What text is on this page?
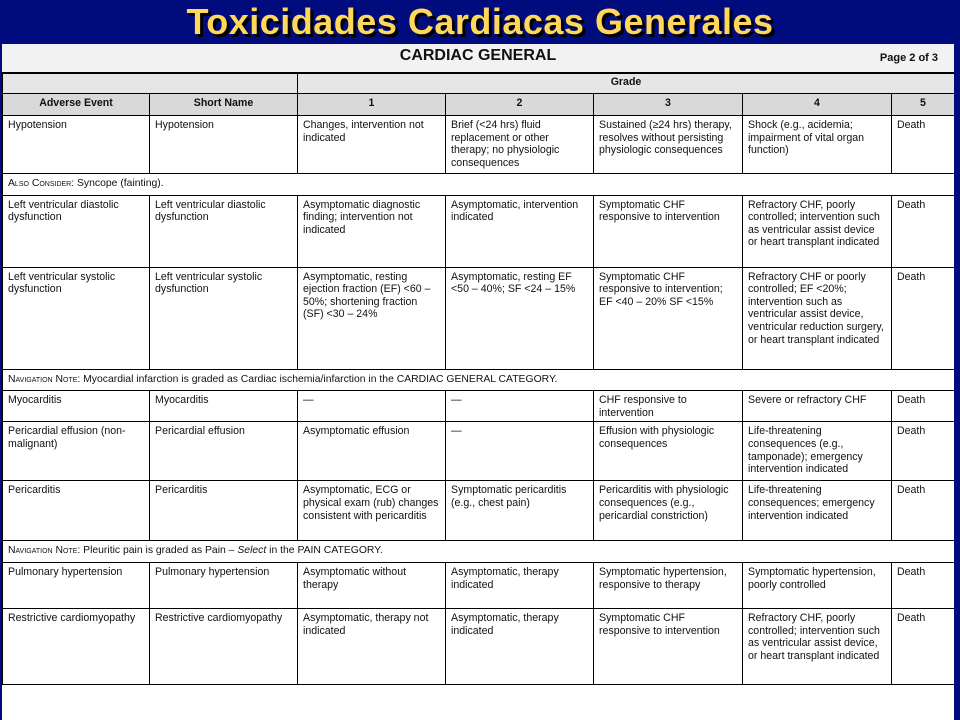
Toxicidades Cardiacas Generales
CARDIAC GENERAL	Page 2 of 3
		Grade				
Adverse Event	Short Name	1	2	3	4	5
Hypotension	Hypotension	Changes, intervention not indicated	Brief (<24 hrs) fluid replacement or other therapy; no physiologic consequences	Sustained (≥24 hrs) therapy, resolves without persisting physiologic consequences	Shock (e.g., acidemia; impairment of vital organ function)	Death
Also Consider: Syncope (fainting).						
Left ventricular diastolic dysfunction	Left ventricular diastolic dysfunction	Asymptomatic diagnostic finding; intervention not indicated	Asymptomatic, intervention indicated	Symptomatic CHF responsive to intervention	Refractory CHF, poorly controlled; intervention such as ventricular assist device or heart transplant indicated	Death
Left ventricular systolic dysfunction	Left ventricular systolic dysfunction	Asymptomatic, resting ejection fraction (EF) <60 – 50%; shortening fraction (SF) <30 – 24%	Asymptomatic, resting EF <50 – 40%; SF <24 – 15%	Symptomatic CHF responsive to intervention; EF <40 – 20% SF <15%	Refractory CHF or poorly controlled; EF <20%; intervention such as ventricular assist device, ventricular reduction surgery, or heart transplant indicated	Death
Navigation Note: Myocardial infarction is graded as Cardiac ischemia/infarction in the CARDIAC GENERAL CATEGORY.						
Myocarditis	Myocarditis	—	—	CHF responsive to intervention	Severe or refractory CHF	Death
Pericardial effusion (non-malignant)	Pericardial effusion	Asymptomatic effusion	—	Effusion with physiologic consequences	Life-threatening consequences (e.g., tamponade); emergency intervention indicated	Death
Pericarditis	Pericarditis	Asymptomatic, ECG or physical exam (rub) changes consistent with pericarditis	Symptomatic pericarditis (e.g., chest pain)	Pericarditis with physiologic consequences (e.g., pericardial constriction)	Life-threatening consequences; emergency intervention indicated	Death
Navigation Note: Pleuritic pain is graded as Pain – Select in the PAIN CATEGORY.						
Pulmonary hypertension	Pulmonary hypertension	Asymptomatic without therapy	Asymptomatic, therapy indicated	Symptomatic hypertension, responsive to therapy	Symptomatic hypertension, poorly controlled	Death
Restrictive cardiomyopathy	Restrictive cardiomyopathy	Asymptomatic, therapy not indicated	Asymptomatic, therapy indicated	Symptomatic CHF responsive to intervention	Refractory CHF, poorly controlled; intervention such as ventricular assist device, or heart transplant indicated	Death
